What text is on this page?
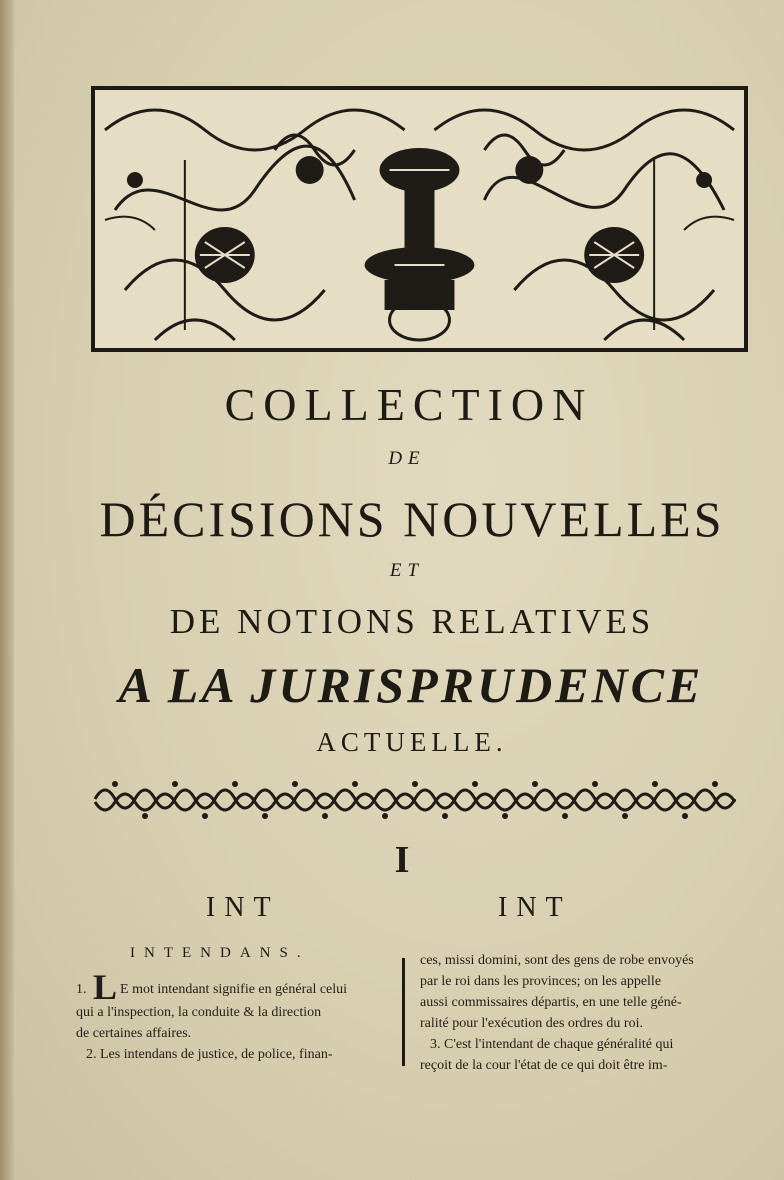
COLLECTION
DE
DÉCISIONS NOUVELLES
ET
DE NOTIONS RELATIVES
A LA JURISPRUDENCE
ACTUELLE.
I
INT	INT
INTENDANS.
1. L E mot intendant signifie en général celui
qui a l'inspection, la conduite & la direction
de certaines affaires.
2. Les intendans de justice, de police, finan-
ces, missi domini, sont des gens de robe envoyés
par le roi dans les provinces; on les appelle
aussi commissaires départis, en une telle géné-
ralité pour l'exécution des ordres du roi.
3. C'est l'intendant de chaque généralité qui
reçoit de la cour l'état de ce qui doit être im-
